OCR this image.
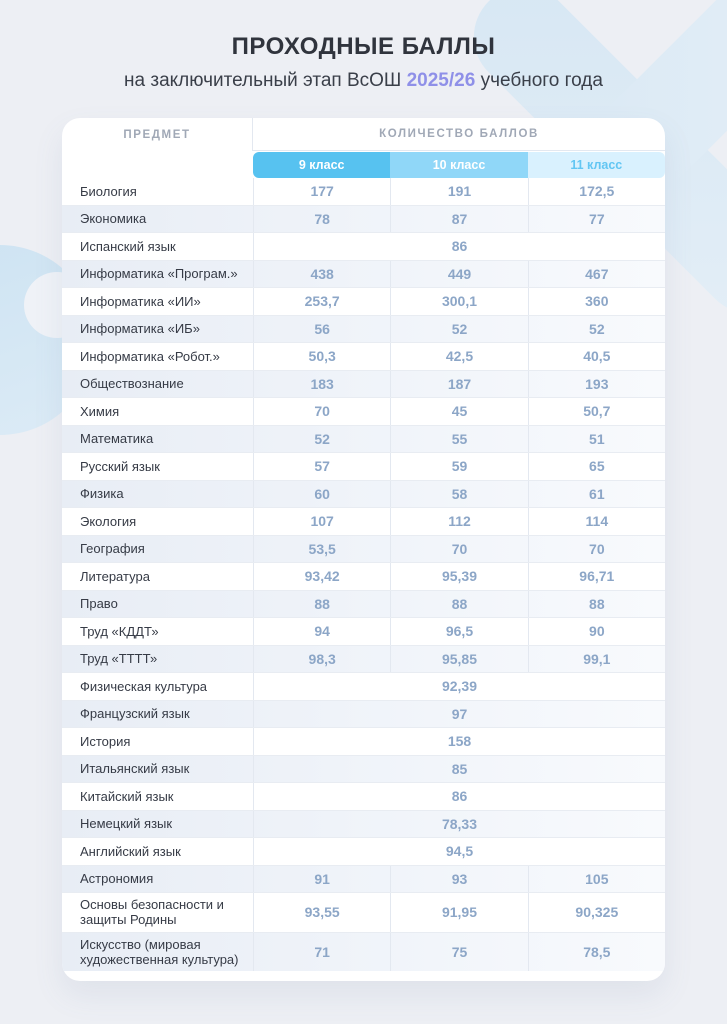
ПРОХОДНЫЕ БАЛЛЫ
на заключительный этап ВсОШ 2025/26 учебного года
ПРЕДМЕТ	КОЛИЧЕСТВО БАЛЛОВ
9 класс	10 класс	11 класс
Биология	177	191	172,5
Экономика	78	87	77
Испанский язык	86
Информатика «Програм.»	438	449	467
Информатика «ИИ»	253,7	300,1	360
Информатика «ИБ»	56	52	52
Информатика «Робот.»	50,3	42,5	40,5
Обществознание	183	187	193
Химия	70	45	50,7
Математика	52	55	51
Русский язык	57	59	65
Физика	60	58	61
Экология	107	112	114
География	53,5	70	70
Литература	93,42	95,39	96,71
Право	88	88	88
Труд «КДДТ»	94	96,5	90
Труд «ТТТТ»	98,3	95,85	99,1
Физическая культура	92,39
Французский язык	97
История	158
Итальянский язык	85
Китайский язык	86
Немецкий язык	78,33
Английский язык	94,5
Астрономия	91	93	105
Основы безопасности и защиты Родины	93,55	91,95	90,325
Искусство (мировая художественная культура)	71	75	78,5
